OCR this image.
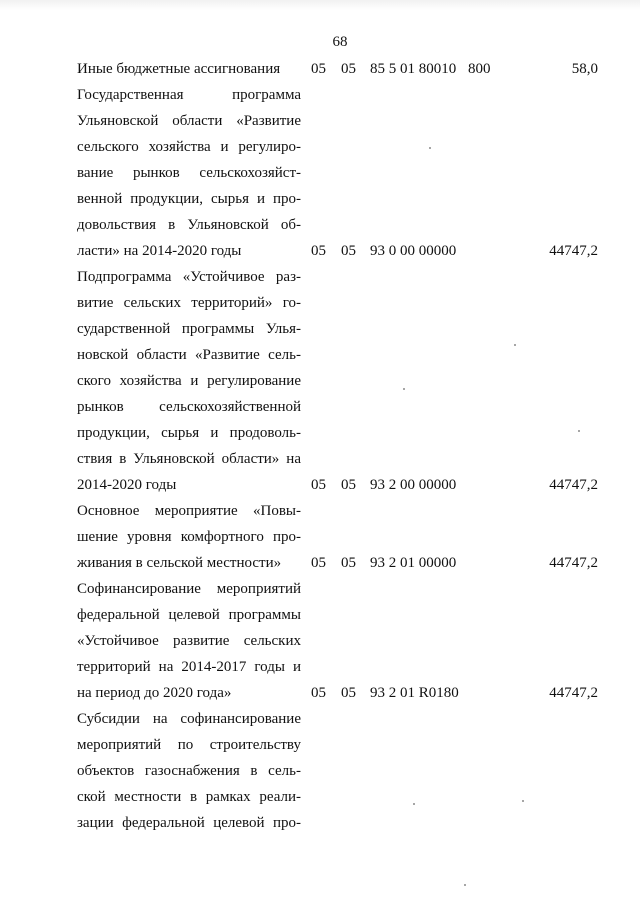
68
Иные бюджетные ассигнования	05 05 85 5 01 80010 800	58,0
Государственная программа
Ульяновской области «Развитие
сельского хозяйства и регулиро-
вание рынков сельскохозяйст-
венной продукции, сырья и про-
довольствия в Ульяновской об-
ласти» на 2014-2020 годы	05 05 93 0 00 00000	44747,2
Подпрограмма «Устойчивое раз-
витие сельских территорий» го-
сударственной программы Улья-
новской области «Развитие сель-
ского хозяйства и регулирование
рынков сельскохозяйственной
продукции, сырья и продоволь-
ствия в Ульяновской области» на
2014-2020 годы	05 05 93 2 00 00000	44747,2
Основное мероприятие «Повы-
шение уровня комфортного про-
живания в сельской местности»	05 05 93 2 01 00000	44747,2
Софинансирование мероприятий
федеральной целевой программы
«Устойчивое развитие сельских
территорий на 2014-2017 годы и
на период до 2020 года»	05 05 93 2 01 R0180	44747,2
Субсидии на софинансирование
мероприятий по строительству
объектов газоснабжения в сель-
ской местности в рамках реали-
зации федеральной целевой про-
